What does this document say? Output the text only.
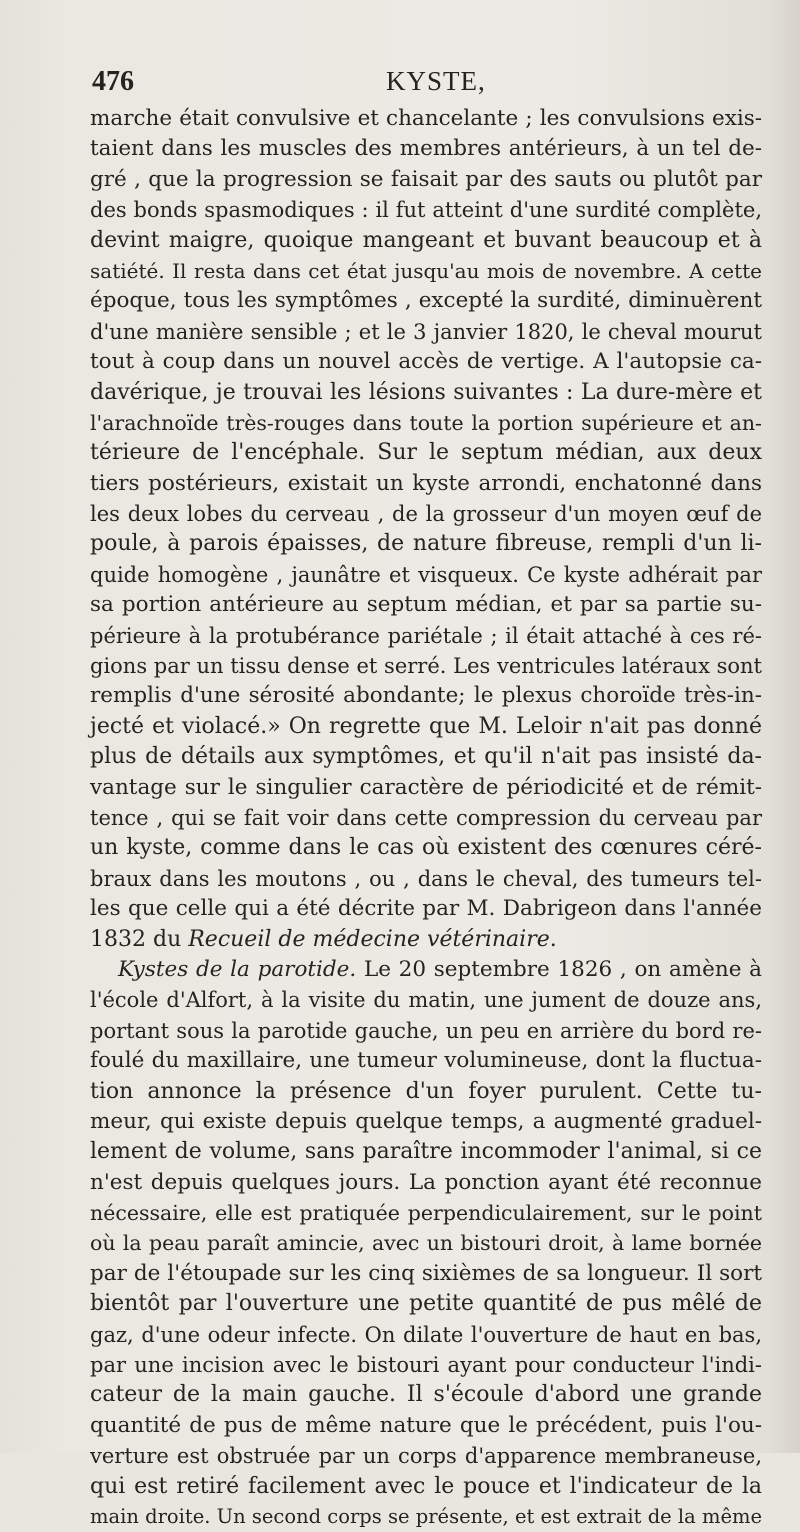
476	KYSTE,
marche était convulsive et chancelante ; les convulsions exis-
taient dans les muscles des membres antérieurs, à un tel de-
gré , que la progression se faisait par des sauts ou plutôt par
des bonds spasmodiques : il fut atteint d'une surdité complète,
devint maigre, quoique mangeant et buvant beaucoup et à
satiété. Il resta dans cet état jusqu'au mois de novembre. A cette
époque, tous les symptômes , excepté la surdité, diminuèrent
d'une manière sensible ; et le 3 janvier 1820, le cheval mourut
tout à coup dans un nouvel accès de vertige. A l'autopsie ca-
davérique, je trouvai les lésions suivantes : La dure-mère et
l'arachnoïde très-rouges dans toute la portion supérieure et an-
térieure de l'encéphale. Sur le septum médian, aux deux
tiers postérieurs, existait un kyste arrondi, enchatonné dans
les deux lobes du cerveau , de la grosseur d'un moyen œuf de
poule, à parois épaisses, de nature fibreuse, rempli d'un li-
quide homogène , jaunâtre et visqueux. Ce kyste adhérait par
sa portion antérieure au septum médian, et par sa partie su-
périeure à la protubérance pariétale ; il était attaché à ces ré-
gions par un tissu dense et serré. Les ventricules latéraux sont
remplis d'une sérosité abondante; le plexus choroïde très-in-
jecté et violacé.» On regrette que M. Leloir n'ait pas donné
plus de détails aux symptômes, et qu'il n'ait pas insisté da-
vantage sur le singulier caractère de périodicité et de rémit-
tence , qui se fait voir dans cette compression du cerveau par
un kyste, comme dans le cas où existent des cœnures céré-
braux dans les moutons , ou , dans le cheval, des tumeurs tel-
les que celle qui a été décrite par M. Dabrigeon dans l'année
1832 du Recueil de médecine vétérinaire.
Kystes de la parotide. Le 20 septembre 1826 , on amène à
l'école d'Alfort, à la visite du matin, une jument de douze ans,
portant sous la parotide gauche, un peu en arrière du bord re-
foulé du maxillaire, une tumeur volumineuse, dont la fluctua-
tion annonce la présence d'un foyer purulent. Cette tu-
meur, qui existe depuis quelque temps, a augmenté graduel-
lement de volume, sans paraître incommoder l'animal, si ce
n'est depuis quelques jours. La ponction ayant été reconnue
nécessaire, elle est pratiquée perpendiculairement, sur le point
où la peau paraît amincie, avec un bistouri droit, à lame bornée
par de l'étoupade sur les cinq sixièmes de sa longueur. Il sort
bientôt par l'ouverture une petite quantité de pus mêlé de
gaz, d'une odeur infecte. On dilate l'ouverture de haut en bas,
par une incision avec le bistouri ayant pour conducteur l'indi-
cateur de la main gauche. Il s'écoule d'abord une grande
quantité de pus de même nature que le précédent, puis l'ou-
verture est obstruée par un corps d'apparence membraneuse,
qui est retiré facilement avec le pouce et l'indicateur de la
main droite. Un second corps se présente, et est extrait de la même
